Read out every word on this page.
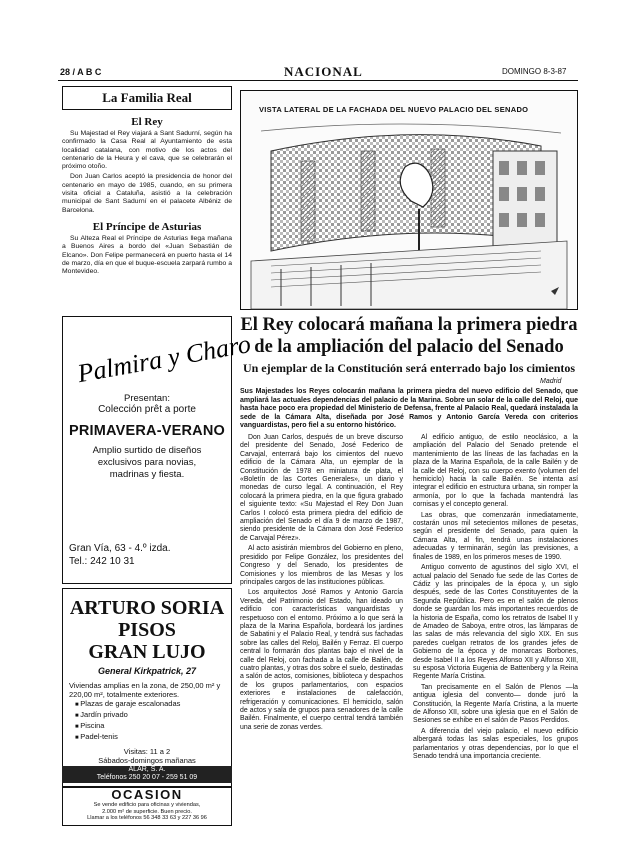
28 / A B C	NACIONAL	DOMINGO 8-3-87
La Familia Real
El Rey

Su Majestad el Rey viajará a Sant Sadurní, según ha confirmado la Casa Real al Ayuntamiento de esta localidad catalana, con motivo de los actos del centenario de la Heura y el cava, que se celebrarán el próximo otoño.

Don Juan Carlos aceptó la presidencia de honor del centenario en mayo de 1985, cuando, en su primera visita oficial a Cataluña, asistió a la celebración municipal de Sant Sadurní en el palacete Albéniz de Barcelona.

El Príncipe de Asturias

Su Alteza Real el Príncipe de Asturias llega mañana a Buenos Aires a bordo del «Juan Sebastián de Elcano». Don Felipe permanecerá en puerto hasta el 14 de marzo, día en que el buque-escuela zarpará rumbo a Montevideo.

Palmira y Charo
Presentan:
Colección prêt a porte
PRIMAVERA-VERANO
Amplio surtido de diseños
exclusivos para novias,
madrinas y fiesta.
Gran Vía, 63 - 4.º izda.
Tel.: 242 10 31
ARTURO SORIA
PISOS
GRAN LUJO
General Kirkpatrick, 27
Viviendas amplias en la zona, de 250,00 m² y 220,00 m², totalmente exteriores.
■ Plazas de garaje escalonadas
■ Jardín privado
■ Piscina
■ Padel-tenis
Visitas: 11 a 2
Sábados-domingos mañanas
ALAR, S. A.
Teléfonos 250 20 07 - 259 51 09
OCASION
Se vende edificio para oficinas y viviendas,
2.000 m² de superficie. Buen precio.
Llamar a los teléfonos 56 348 33 63 y 227 36 96
VISTA LATERAL DE LA FACHADA DEL NUEVO PALACIO DEL SENADO
El Rey colocará mañana la primera piedra
de la ampliación del palacio del Senado
Un ejemplar de la Constitución será enterrado bajo los cimientos
Madrid

Sus Majestades los Reyes colocarán mañana la primera piedra del nuevo edificio del Senado, que ampliará las actuales dependencias del palacio de la Marina. Sobre un solar de la calle del Reloj, que hasta hace poco era propiedad del Ministerio de Defensa, frente al Palacio Real, quedará instalada la sede de la Cámara Alta, diseñada por José Ramos y Antonio García Vereda con criterios vanguardistas, pero fiel a su entorno histórico.

Don Juan Carlos, después de un breve discurso del presidente del Senado, José Federico de Carvajal, enterrará bajo los cimientos del nuevo edificio de la Cámara Alta, un ejemplar de la Constitución de 1978 en miniatura de plata, el «Boletín de las Cortes Generales», un diario y monedas de curso legal. A continuación, el Rey colocará la primera piedra, en la que figura grabado el siguiente texto: «Su Majestad el Rey Don Juan Carlos I colocó esta primera piedra del edificio de ampliación del Senado el día 9 de marzo de 1987, siendo presidente de la Cámara don José Federico de Carvajal Pérez».

Al acto asistirán miembros del Gobierno en pleno, presidido por Felipe González, los presidentes del Congreso y del Senado, los presidentes de Comisiones y los miembros de las Mesas y los principales cargos de las instituciones públicas.

Los arquitectos José Ramos y Antonio García Vereda, del Patrimonio del Estado, han ideado un edificio con características vanguardistas y respetuoso con el entorno. Próximo a lo que será la plaza de la Marina Española, bordeará los jardines de Sabatini y el Palacio Real, y tendrá sus fachadas sobre las calles del Reloj, Bailén y Ferraz. El cuerpo central lo formarán dos plantas bajo el nivel de la calle del Reloj, con fachada a la calle de Bailén, de cuatro plantas, y otras dos sobre el suelo, destinadas a salón de actos, comisiones, biblioteca y despachos de los grupos parlamentarios, con espacios exteriores e instalaciones de calefacción, refrigeración y comunicaciones. El hemiciclo, salón de actos y sala de grupos para senadores de la calle Bailén. Finalmente, el cuerpo central tendrá también una serie de zonas verdes.

Al edificio antiguo, de estilo neoclásico, a la ampliación del Palacio del Senado pretende el mantenimiento de las líneas de las fachadas en la plaza de la Marina Española, de la calle Bailén y de la calle del Reloj, con su cuerpo exento (volumen del hemiciclo) hacia la calle Bailén. Se intenta así integrar el edificio en estructura urbana, sin romper la armonía, por lo que la fachada mantendrá las cornisas y el concepto general.

Las obras, que comenzarán inmediatamente, costarán unos mil setecientos millones de pesetas, según el presidente del Senado, para quien la Cámara Alta, al fin, tendrá unas instalaciones adecuadas y terminarán, según las previsiones, a finales de 1989, en los primeros meses de 1990.

Antiguo convento de agustinos del siglo XVI, el actual palacio del Senado fue sede de las Cortes de Cádiz y las principales de la época y, un siglo después, sede de las Cortes Constituyentes de la Segunda República. Pero es en el salón de plenos donde se guardan los más importantes recuerdos de la historia de España, como los retratos de Isabel II y de Amadeo de Saboya, entre otros, las lámparas de las salas de más relevancia del siglo XIX. En sus paredes cuelgan retratos de los grandes jefes de Gobierno de la época y de monarcas Borbones, desde Isabel II a los Reyes Alfonso XII y Alfonso XIII, su esposa Victoria Eugenia de Battenberg y la Reina Regente María Cristina.

Tan precisamente en el Salón de Plenos —la antigua iglesia del convento— donde juró la Constitución, la Regente María Cristina, a la muerte de Alfonso XII, sobre una iglesia que en el Salón de Sesiones se exhibe en el salón de Pasos Perdidos.

A diferencia del viejo palacio, el nuevo edificio albergará todas las salas especiales, los grupos parlamentarios y otras dependencias, por lo que el Senado tendrá una importancia creciente.
